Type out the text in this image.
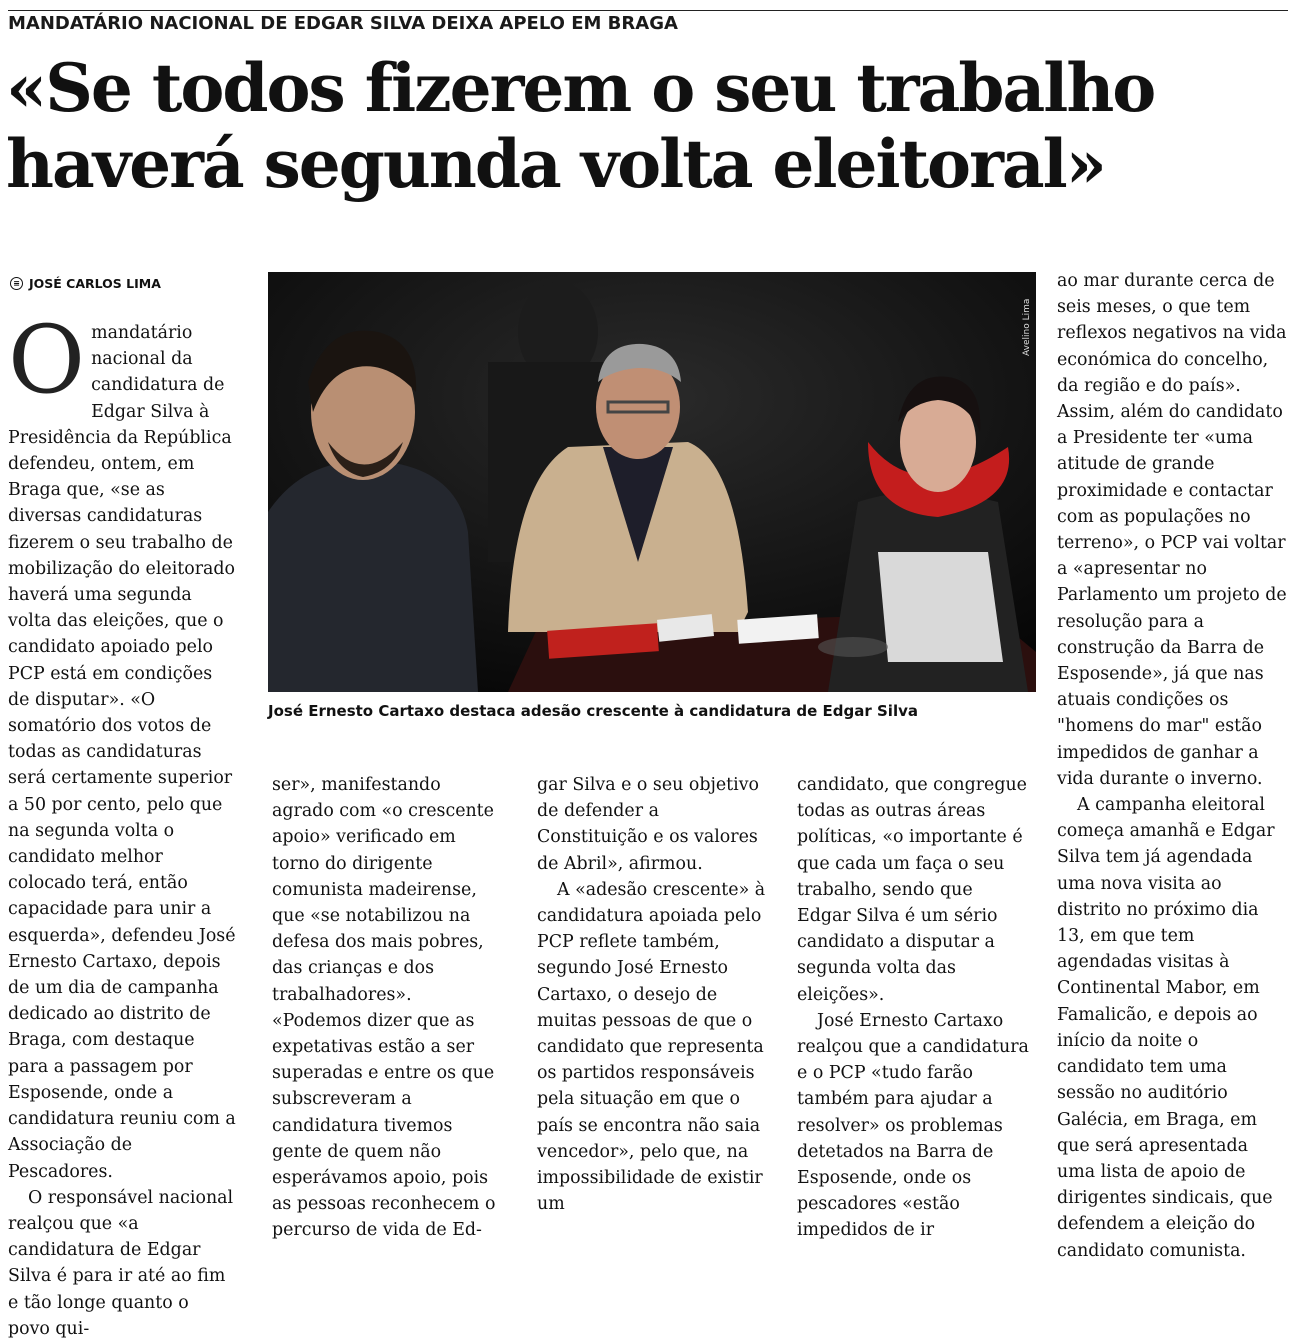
MANDATÁRIO NACIONAL DE EDGAR SILVA DEIXA APELO EM BRAGA
«Se todos fizerem o seu trabalho
haverá segunda volta eleitoral»
≡ JOSÉ CARLOS LIMA

Omandatário nacional da candidatura de Edgar Silva à Presidência da República defendeu, ontem, em Braga que, «se as diversas candidaturas fizerem o seu trabalho de mobilização do eleitorado haverá uma segunda volta das eleições, que o candidato apoiado pelo PCP está em condições de disputar». «O somatório dos votos de todas as candidaturas será certamente superior a 50 por cento, pelo que na segunda volta o candidato melhor colocado terá, então capacidade para unir a esquerda», defendeu José Ernesto Cartaxo, depois de um dia de campanha dedicado ao distrito de Braga, com destaque para a passagem por Esposende, onde a candidatura reuniu com a Associação de Pescadores.

O responsável nacional realçou que «a candidatura de Edgar Silva é para ir até ao fim e tão longe quanto o povo qui-

Avelino Lima
José Ernesto Cartaxo destaca adesão crescente à candidatura de Edgar Silva

ser», manifestando agrado com «o crescente apoio» verificado em torno do dirigente comunista madeirense, que «se notabilizou na defesa dos mais pobres, das crianças e dos trabalhadores». «Podemos dizer que as expetativas estão a ser superadas e entre os que subscreveram a candidatura tivemos gente de quem não esperávamos apoio, pois as pessoas reconhecem o percurso de vida de Ed-

gar Silva e o seu objetivo de defender a Constituição e os valores de Abril», afirmou.

A «adesão crescente» à candidatura apoiada pelo PCP reflete também, segundo José Ernesto Cartaxo, o desejo de muitas pessoas de que o candidato que representa os partidos responsáveis pela situação em que o país se encontra não saia vencedor», pelo que, na impossibilidade de existir um

candidato, que congregue todas as outras áreas políticas, «o importante é que cada um faça o seu trabalho, sendo que Edgar Silva é um sério candidato a disputar a segunda volta das eleições».

José Ernesto Cartaxo realçou que a candidatura e o PCP «tudo farão também para ajudar a resolver» os problemas detetados na Barra de Esposende, onde os pescadores «estão impedidos de ir

ao mar durante cerca de seis meses, o que tem reflexos negativos na vida económica do concelho, da região e do país». Assim, além do candidato a Presidente ter «uma atitude de grande proximidade e contactar com as populações no terreno», o PCP vai voltar a «apresentar no Parlamento um projeto de resolução para a construção da Barra de Esposende», já que nas atuais condições os "homens do mar" estão impedidos de ganhar a vida durante o inverno.

A campanha eleitoral começa amanhã e Edgar Silva tem já agendada uma nova visita ao distrito no próximo dia 13, em que tem agendadas visitas à Continental Mabor, em Famalicão, e depois ao início da noite o candidato tem uma sessão no auditório Galécia, em Braga, em que será apresentada uma lista de apoio de dirigentes sindicais, que defendem a eleição do candidato comunista.
